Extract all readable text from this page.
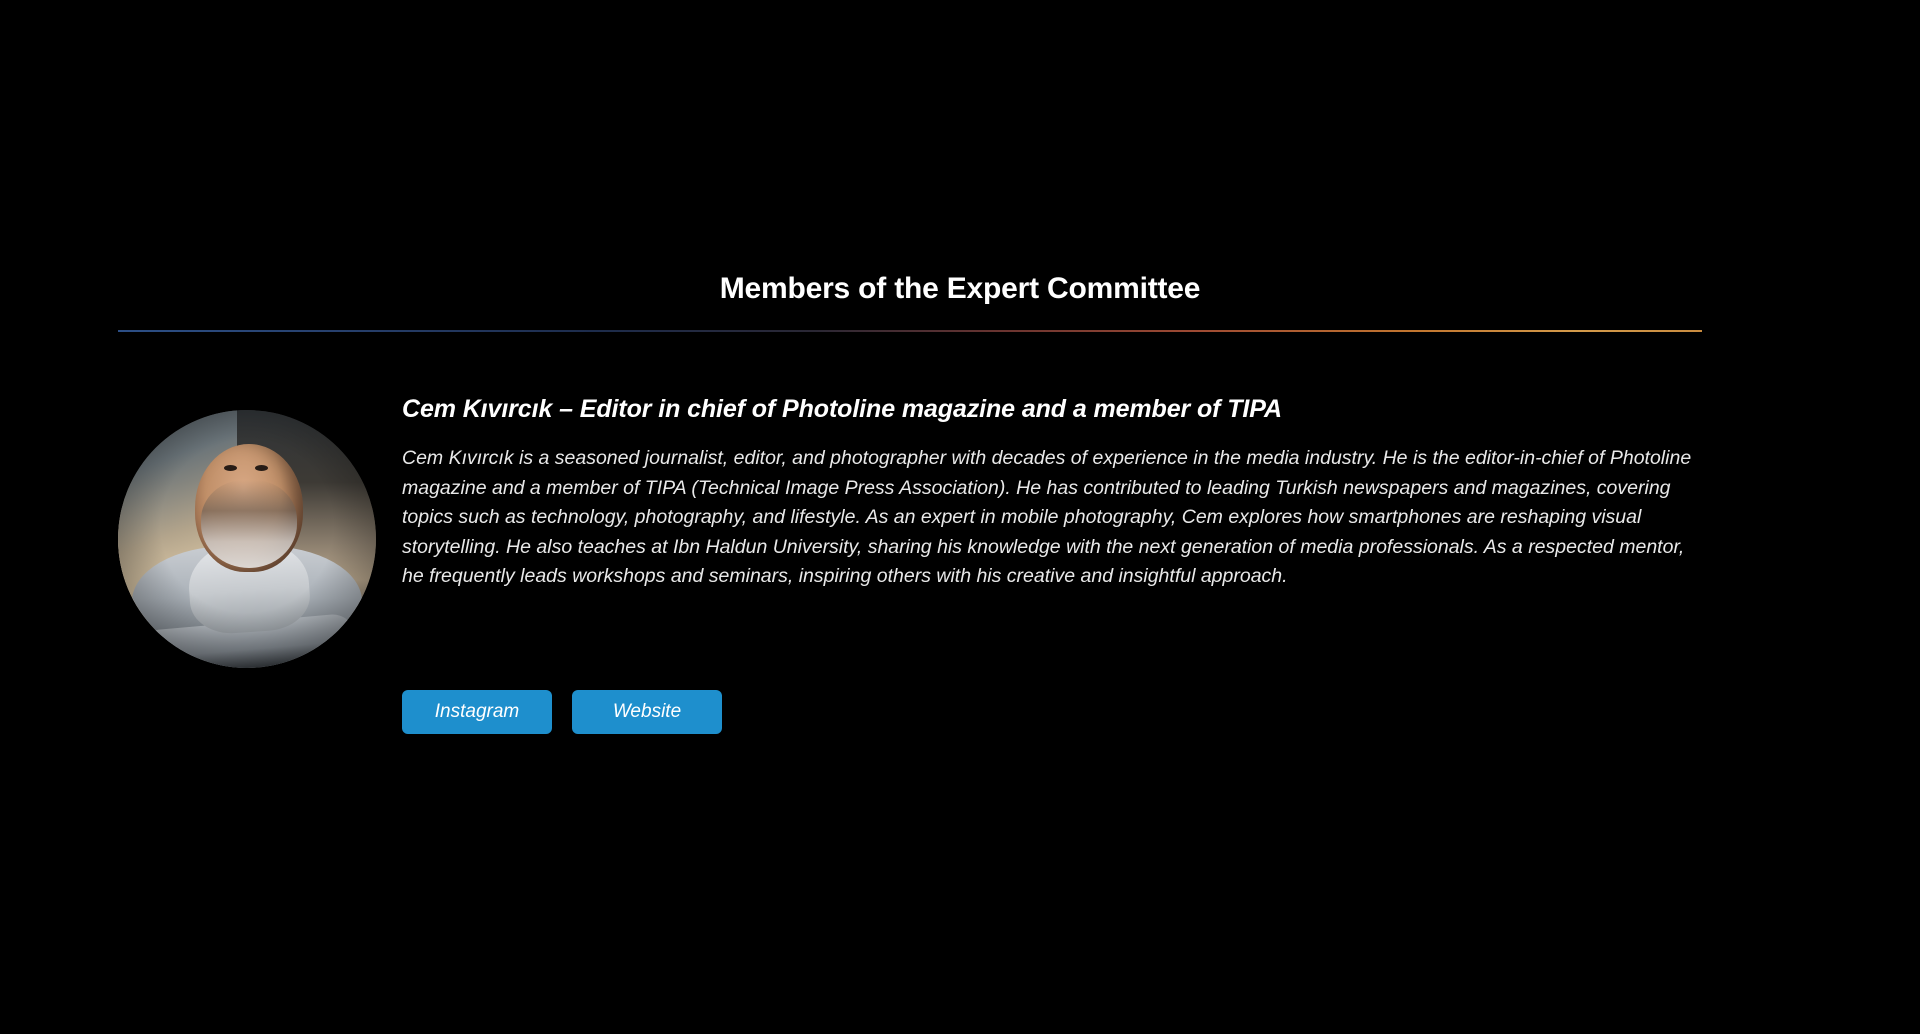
Members of the Expert Committee
Cem Kıvırcık – Editor in chief of Photoline magazine and a member of TIPA

Cem Kıvırcık is a seasoned journalist, editor, and photographer with decades of experience in the media industry. He is the editor-in-chief of Photoline magazine and a member of TIPA (Technical Image Press Association). He has contributed to leading Turkish newspapers and magazines, covering topics such as technology, photography, and lifestyle. As an expert in mobile photography, Cem explores how smartphones are reshaping visual storytelling. He also teaches at Ibn Haldun University, sharing his knowledge with the next generation of media professionals. As a respected mentor, he frequently leads workshops and seminars, inspiring others with his creative and insightful approach.

Instagram	Website
